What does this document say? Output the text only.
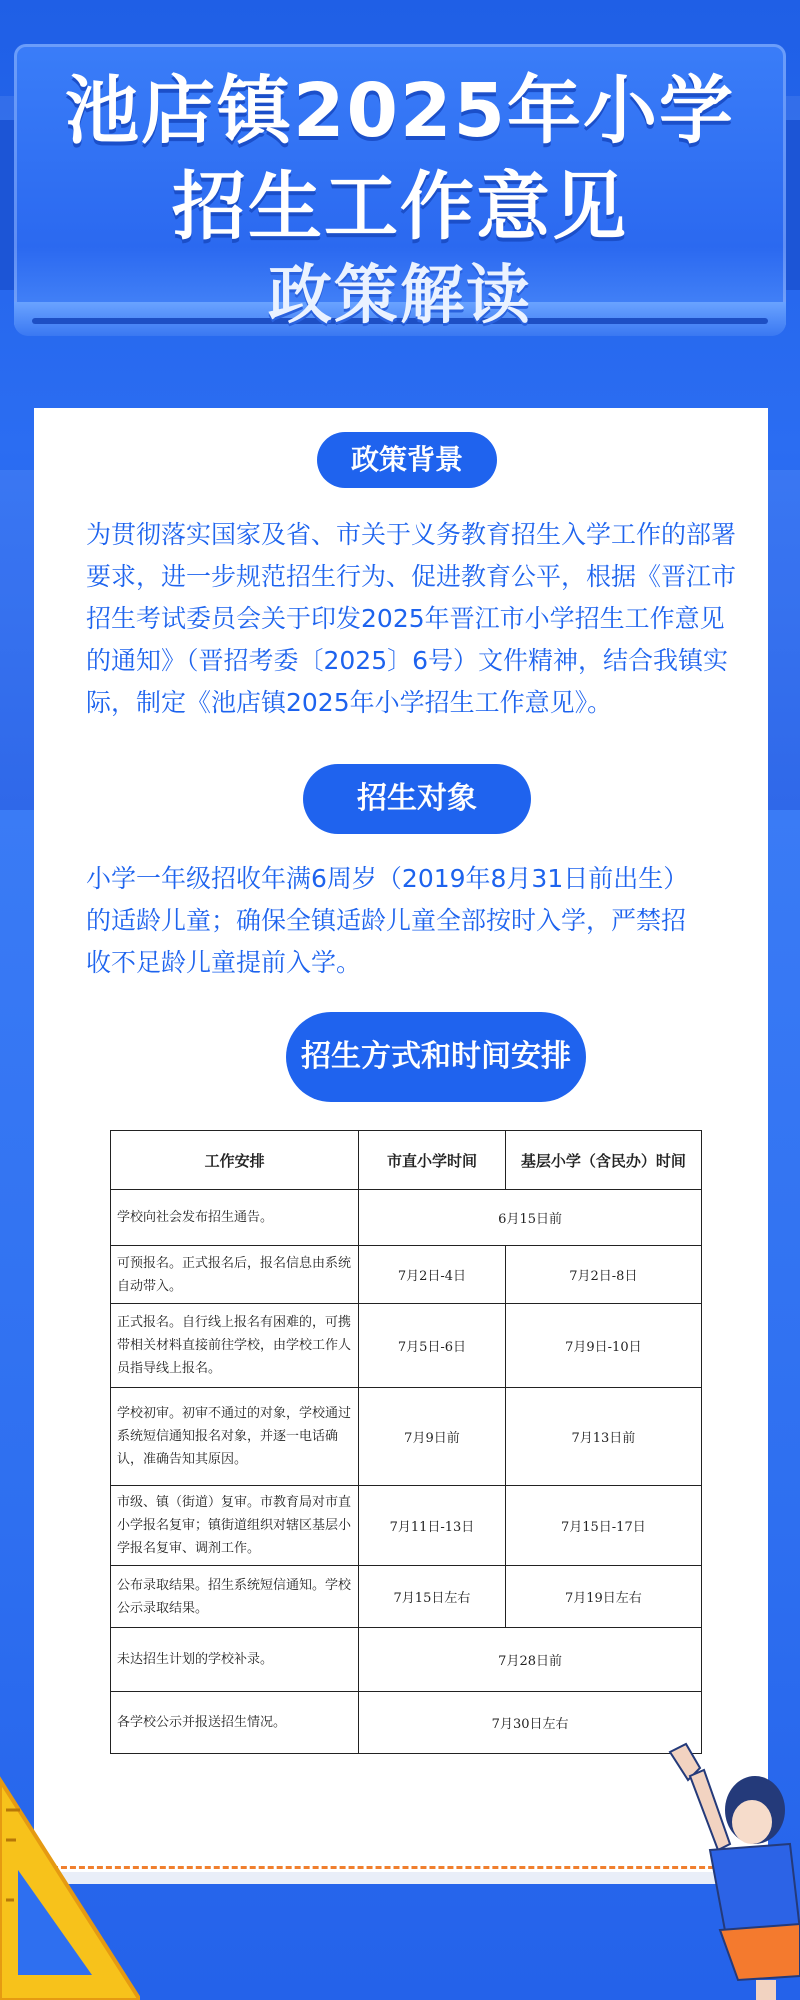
池店镇2025年小学
招生工作意见
政策解读
政策背景
为贯彻落实国家及省、市关于义务教育招生入学工作的部署要求，进一步规范招生行为、促进教育公平，根据《晋江市招生考试委员会关于印发2025年晋江市小学招生工作意见的通知》（晋招考委〔2025〕6号）文件精神，结合我镇实际，制定《池店镇2025年小学招生工作意见》。
招生对象
小学一年级招收年满6周岁（2019年8月31日前出生）的适龄儿童；确保全镇适龄儿童全部按时入学，严禁招收不足龄儿童提前入学。
招生方式和时间安排
工作安排	市直小学时间	基层小学（含民办）时间
学校向社会发布招生通告。	6月15日前	
可预报名。正式报名后，报名信息由系统自动带入。	7月2日-4日	7月2日-8日
正式报名。自行线上报名有困难的，可携带相关材料直接前往学校，由学校工作人员指导线上报名。	7月5日-6日	7月9日-10日
学校初审。初审不通过的对象，学校通过系统短信通知报名对象，并逐一电话确认，准确告知其原因。	7月9日前	7月13日前
市级、镇（街道）复审。市教育局对市直小学报名复审；镇街道组织对辖区基层小学报名复审、调剂工作。	7月11日-13日	7月15日-17日
公布录取结果。招生系统短信通知。学校公示录取结果。	7月15日左右	7月19日左右
未达招生计划的学校补录。	7月28日前	
各学校公示并报送招生情况。	7月30日左右	
